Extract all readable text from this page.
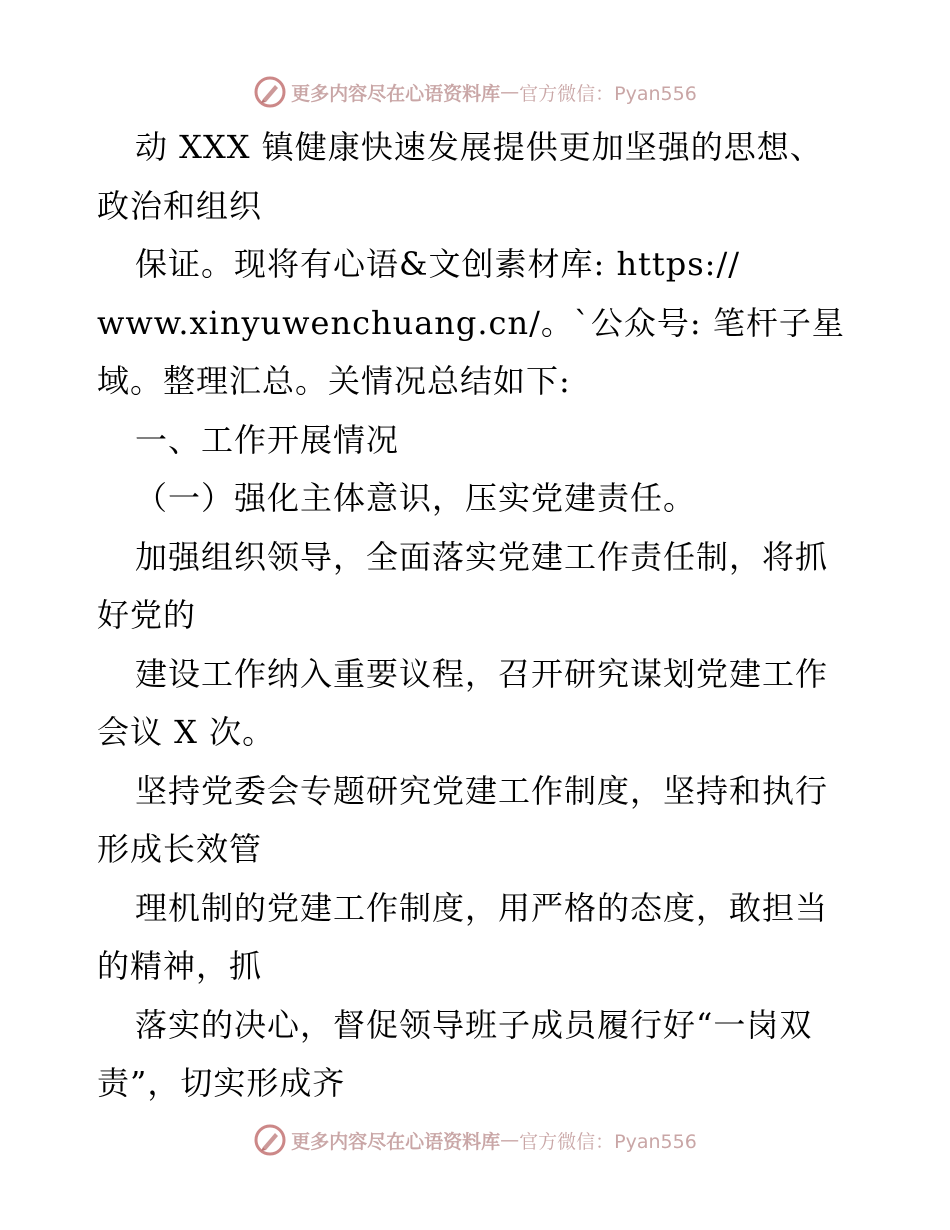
更多内容尽在心语资料库 — 官方微信：Pyan556

动 XXX 镇健康快速发展提供更加坚强的思想、

政治和组织

保证。现将有心语&文创素材库: https://

www.xinyuwenchuang.cn/。`公众号: 笔杆子星

域。整理汇总。关情况总结如下:

一、工作开展情况

（一）强化主体意识，压实党建责任。

加强组织领导，全面落实党建工作责任制，将抓

好党的

建设工作纳入重要议程，召开研究谋划党建工作

会议 X 次。

坚持党委会专题研究党建工作制度，坚持和执行

形成长效管

理机制的党建工作制度，用严格的态度，敢担当

的精神，抓

落实的决心，督促领导班子成员履行好“一岗双

责”，切实形成齐

更多内容尽在心语资料库 — 官方微信：Pyan556
